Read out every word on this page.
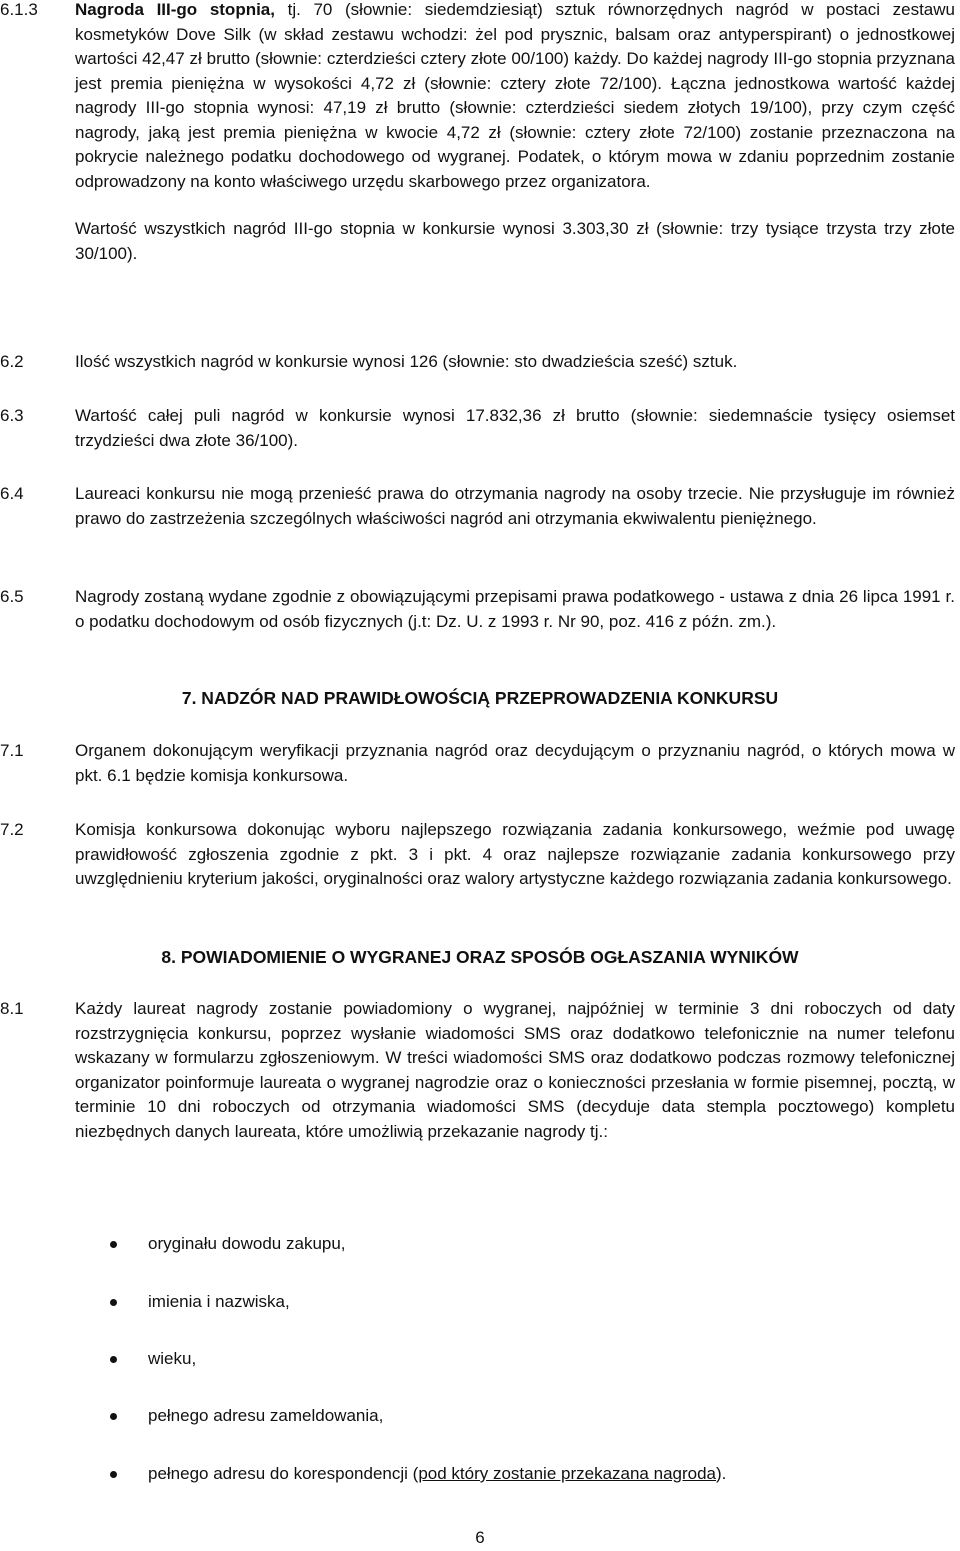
6.1.3	Nagroda III-go stopnia, tj. 70 (słownie: siedemdziesiąt) sztuk równorzędnych nagród w postaci zestawu kosmetyków Dove Silk (w skład zestawu wchodzi: żel pod prysznic, balsam oraz antyperspirant) o jednostkowej wartości 42,47 zł brutto (słownie: czterdzieści cztery złote 00/100) każdy. Do każdej nagrody III-go stopnia przyznana jest premia pieniężna w wysokości 4,72 zł (słownie: cztery złote 72/100). Łączna jednostkowa wartość każdej nagrody III-go stopnia wynosi: 47,19 zł brutto (słownie: czterdzieści siedem złotych 19/100), przy czym część nagrody, jaką jest premia pieniężna w kwocie 4,72 zł (słownie: cztery złote 72/100) zostanie przeznaczona na pokrycie należnego podatku dochodowego od wygranej. Podatek, o którym mowa w zdaniu poprzednim zostanie odprowadzony na konto właściwego urzędu skarbowego przez organizatora.

Wartość wszystkich nagród III-go stopnia w konkursie wynosi 3.303,30 zł (słownie: trzy tysiące trzysta trzy złote 30/100).

6.2	Ilość wszystkich nagród w konkursie wynosi 126 (słownie: sto dwadzieścia sześć) sztuk.

6.3	Wartość całej puli nagród w konkursie wynosi 17.832,36 zł brutto (słownie: siedemnaście tysięcy osiemset trzydzieści dwa złote 36/100).

6.4	Laureaci konkursu nie mogą przenieść prawa do otrzymania nagrody na osoby trzecie. Nie przysługuje im również prawo do zastrzeżenia szczególnych właściwości nagród ani otrzymania ekwiwalentu pieniężnego.

6.5	Nagrody zostaną wydane zgodnie z obowiązującymi przepisami prawa podatkowego - ustawa z dnia 26 lipca 1991 r. o podatku dochodowym od osób fizycznych (j.t: Dz. U. z 1993 r. Nr 90, poz. 416 z późn. zm.).

7. NADZÓR NAD PRAWIDŁOWOŚCIĄ PRZEPROWADZENIA KONKURSU
7.1	Organem dokonującym weryfikacji przyznania nagród oraz decydującym o przyznaniu nagród, o których mowa w pkt. 6.1 będzie komisja konkursowa.

7.2	Komisja konkursowa dokonując wyboru najlepszego rozwiązania zadania konkursowego, weźmie pod uwagę prawidłowość zgłoszenia zgodnie z pkt. 3 i pkt. 4 oraz najlepsze rozwiązanie zadania konkursowego przy uwzględnieniu kryterium jakości, oryginalności oraz walory artystyczne każdego rozwiązania zadania konkursowego.

8. POWIADOMIENIE O WYGRANEJ ORAZ SPOSÓB OGŁASZANIA WYNIKÓW
8.1	Każdy laureat nagrody zostanie powiadomiony o wygranej, najpóźniej w terminie 3 dni roboczych od daty rozstrzygnięcia konkursu, poprzez wysłanie wiadomości SMS oraz dodatkowo telefonicznie na numer telefonu wskazany w formularzu zgłoszeniowym. W treści wiadomości SMS oraz dodatkowo podczas rozmowy telefonicznej organizator poinformuje laureata o wygranej nagrodzie oraz o konieczności przesłania w formie pisemnej, pocztą, w terminie 10 dni roboczych od otrzymania wiadomości SMS (decyduje data stempla pocztowego) kompletu niezbędnych danych laureata, które umożliwią przekazanie nagrody tj.:

oryginału dowodu zakupu,
imienia i nazwiska,
wieku,
pełnego adresu zameldowania,
pełnego adresu do korespondencji (pod który zostanie przekazana nagroda).
6
